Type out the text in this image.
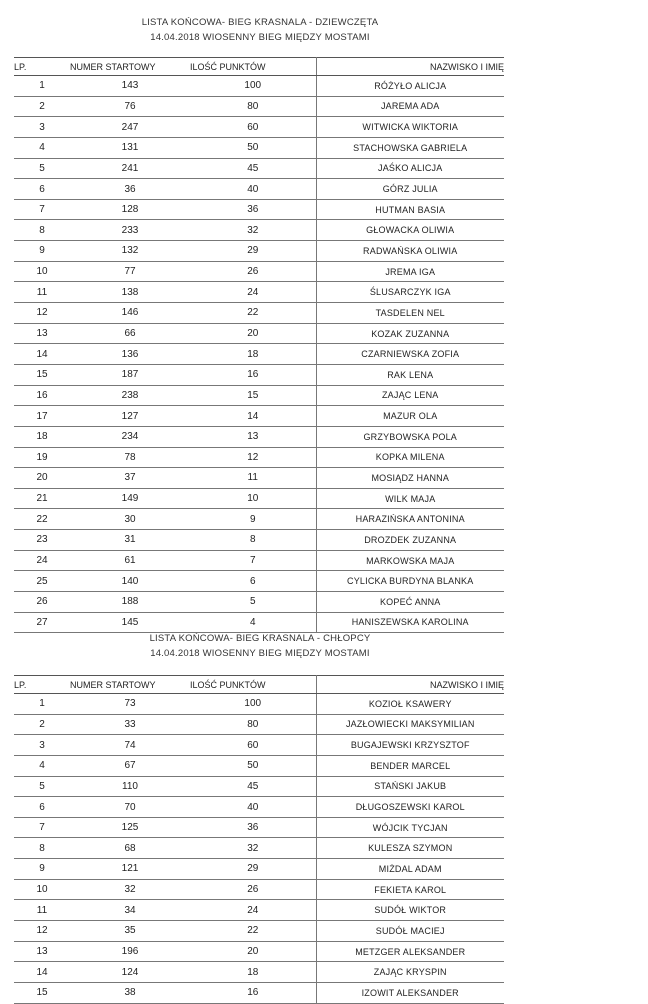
LISTA KOŃCOWA- BIEG KRASNALA - DZIEWCZĘTA
14.04.2018 WIOSENNY BIEG MIĘDZY MOSTAMI
LP.	NUMER STARTOWY	ILOŚĆ PUNKTÓW	NAZWISKO I IMIĘ
1	143	100	RÓŻYŁO ALICJA
2	76	80	JAREMA ADA
3	247	60	WITWICKA WIKTORIA
4	131	50	STACHOWSKA GABRIELA
5	241	45	JAŚKO ALICJA
6	36	40	GÓRZ JULIA
7	128	36	HUTMAN BASIA
8	233	32	GŁOWACKA OLIWIA
9	132	29	RADWAŃSKA OLIWIA
10	77	26	JREMA IGA
11	138	24	ŚLUSARCZYK IGA
12	146	22	TASDELEN NEL
13	66	20	KOZAK ZUZANNA
14	136	18	CZARNIEWSKA ZOFIA
15	187	16	RAK LENA
16	238	15	ZAJĄC LENA
17	127	14	MAZUR OLA
18	234	13	GRZYBOWSKA POLA
19	78	12	KOPKA MILENA
20	37	11	MOSIĄDZ HANNA
21	149	10	WILK MAJA
22	30	9	HARAZIŃSKA ANTONINA
23	31	8	DROZDEK ZUZANNA
24	61	7	MARKOWSKA MAJA
25	140	6	CYLICKA BURDYNA BLANKA
26	188	5	KOPEĆ ANNA
27	145	4	HANISZEWSKA KAROLINA
LISTA KOŃCOWA- BIEG KRASNALA - CHŁOPCY
14.04.2018 WIOSENNY BIEG MIĘDZY MOSTAMI
LP.	NUMER STARTOWY	ILOŚĆ PUNKTÓW	NAZWISKO I IMIĘ
1	73	100	KOZIOŁ KSAWERY
2	33	80	JAZŁOWIECKI MAKSYMILIAN
3	74	60	BUGAJEWSKI KRZYSZTOF
4	67	50	BENDER MARCEL
5	110	45	STAŃSKI JAKUB
6	70	40	DŁUGOSZEWSKI KAROL
7	125	36	WÓJCIK TYCJAN
8	68	32	KULESZA SZYMON
9	121	29	MIŻDAL ADAM
10	32	26	FEKIETA KAROL
11	34	24	SUDÓŁ WIKTOR
12	35	22	SUDÓŁ MACIEJ
13	196	20	METZGER ALEKSANDER
14	124	18	ZAJĄC KRYSPIN
15	38	16	IZOWIT ALEKSANDER
